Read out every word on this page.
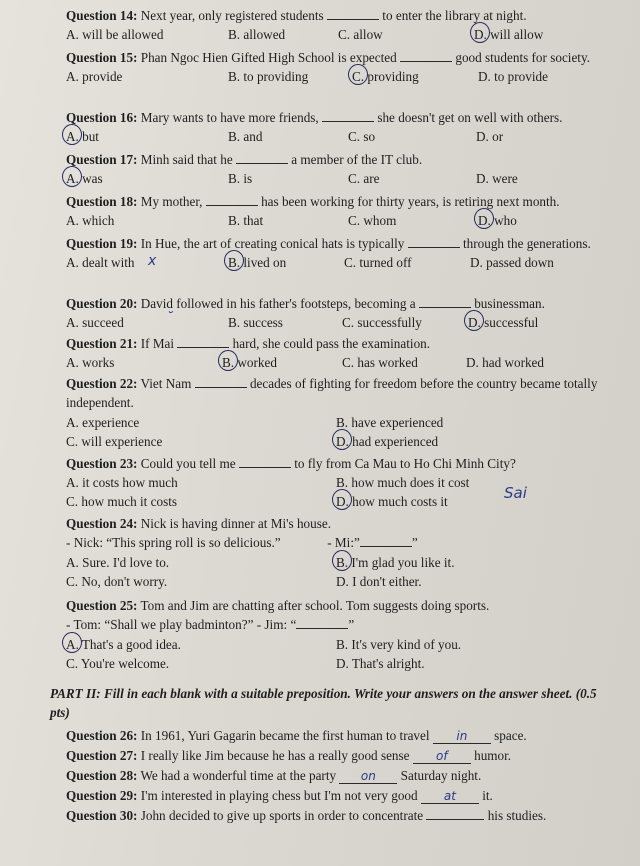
Question 14: Next year, only registered students	to enter the library at night.
A. will be allowed	B. allowed	C. allow	D. will allow
Question 15: Phan Ngoc Hien Gifted High School is expected	good students for society.
A. provide	B. to providing	C. providing	D. to provide
Question 16: Mary wants to have more friends,	she doesn't get on well with others.
A. but	B. and	C. so	D. or
Question 17: Minh said that he	a member of the IT club.
A. was	B. is	C. are	D. were
Question 18: My mother,	has been working for thirty years, is retiring next month.
A. which	B. that	C. whom	D. who
Question 19: In Hue, the art of creating conical hats is typically	through the generations.
A. dealt with x	B. lived on	C. turned off	D. passed down
Question 20: David followed in his father's footsteps, becoming a	businessman.
A. succeed	˘	B. success	C. successfully	D. successful
Question 21: If Mai	hard, she could pass the examination.
A. works	B. worked	C. has worked	D. had worked
Question 22: Viet Nam	decades of fighting for freedom before the country became totally independent.
A. experience	B. have experienced
C. will experience	D. had experienced
Question 23: Could you tell me	to fly from Ca Mau to Ho Chi Minh City?
A. it costs how much	B. how much does it cost
C. how much it costs	D. how much costs it	Sai
Question 24: Nick is having dinner at Mi's house.
- Nick: “This spring roll is so delicious.”	- Mi:”	”
A. Sure. I'd love to.	B. I'm glad you like it.
C. No, don't worry.	D. I don't either.
Question 25: Tom and Jim are chatting after school. Tom suggests doing sports.
- Tom: “Shall we play badminton?” - Jim: “	”
A. That's a good idea.	B. It's very kind of you.
C. You're welcome.	D. That's alright.
PART II: Fill in each blank with a suitable preposition. Write your answers on the answer sheet. (0.5 pts)
Question 26: In 1961, Yuri Gagarin became the first human to travel in space.
Question 27: I really like Jim because he has a really good sense of humor.
Question 28: We had a wonderful time at the party on Saturday night.
Question 29: I'm interested in playing chess but I'm not very good at it.
Question 30: John decided to give up sports in order to concentrate	his studies.
